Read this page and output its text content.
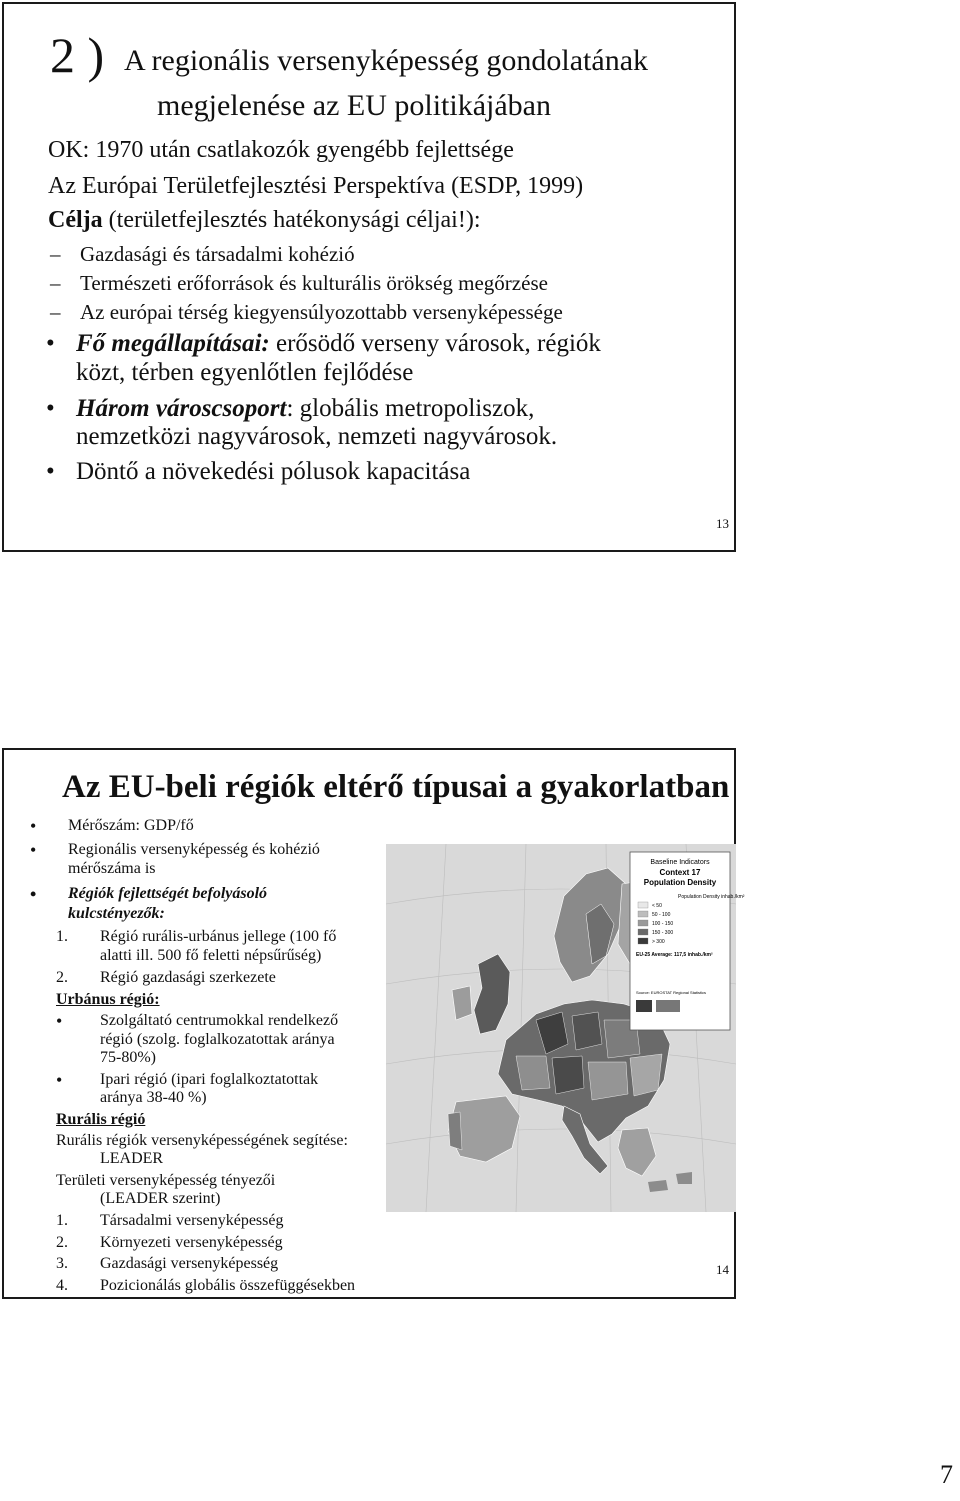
2 ) A regionális versenyképesség gondolatának
megjelenése az EU politikájában
OK: 1970 után csatlakozók gyengébb fejlettsége
Az Európai Területfejlesztési Perspektíva (ESDP, 1999)
Célja (területfejlesztés hatékonysági céljai!):
– Gazdasági és társadalmi kohézió
– Természeti erőforrások és kulturális örökség megőrzése
– Az európai térség kiegyensúlyozottabb versenyképessége
• Fő megállapításai: erősödő verseny városok, régiók
közt, térben egyenlőtlen fejlődése
• Három városcsoport: globális metropoliszok,
nemzetközi nagyvárosok, nemzeti nagyvárosok.
• Döntő a növekedési pólusok kapacitása
13
Az EU-beli régiók eltérő típusai a gyakorlatban
• Mérőszám: GDP/fő
• Regionális versenyképesség és kohézió
mérőszáma is
• Régiók fejlettségét befolyásoló
kulcstényezők:
1. Régió rurális-urbánus jellege (100 fő
alatti ill. 500 fő feletti népsűrűség)
2. Régió gazdasági szerkezete
Urbánus régió:
• Szolgáltató centrumokkal rendelkező
régió (szolg. foglalkozatottak aránya
75-80%)
• Ipari régió (ipari foglalkoztatottak
aránya 38-40 %)
Rurális régió
Rurális régiók versenyképességének segítése:
LEADER
Területi versenyképesség tényezői
(LEADER szerint)
1. Társadalmi versenyképesség
2. Környezeti versenyképesség
3. Gazdasági versenyképesség
4. Pozicionálás globális összefüggésekben
Baseline Indicators
Context 17
Population Density
Population Density inhab./km²
< 50
50 - 100
100 - 150
150 - 300
> 300
EU-25 Average: 117,5 inhab./km²
Source: EUROSTAT Regional Statistics
14
7
